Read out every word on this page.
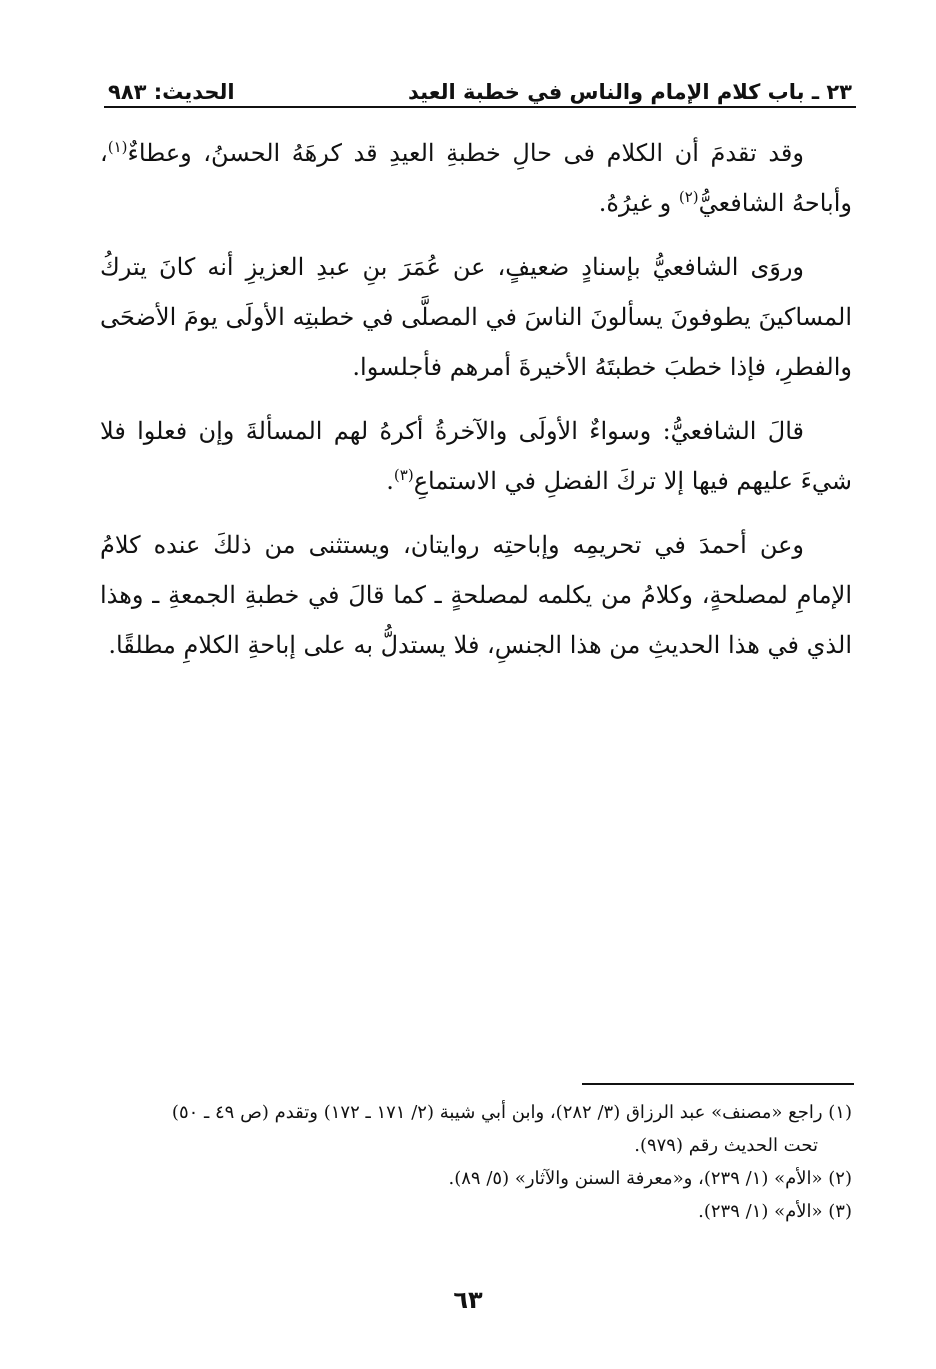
٢٣ ـ باب كلام الإمام والناس في خطبة العيد
الحديث: ٩٨٣

وقد تقدمَ أن الكلام فى حالِ خطبةِ العيدِ قد كرهَهُ الحسنُ، وعطاءٌ$^{(١)}$، وأباحهُ الشافعيُّ$^{(٢)}$ و غيرُهُ.

وروَى الشافعيُّ بإسنادٍ ضعيفٍ، عن عُمَرَ بنِ عبدِ العزيزِ أنه كانَ يتركُ المساكينَ يطوفونَ يسألونَ الناسَ في المصلَّى في خطبتِه الأولَى يومَ الأضحَى والفطرِ، فإذا خطبَ خطبتَهُ الأخيرةَ أمرهم فأجلسوا.

قالَ الشافعيُّ: وسواءٌ الأولَى والآخرةُ أكرهُ لهم المسألةَ وإن فعلوا فلا شيءَ عليهم فيها إلا تركَ الفضلِ في الاستماعِ$^{(٣)}$.

وعن أحمدَ في تحريمِه وإباحتِه روايتان، ويستثنى من ذلكَ عنده كلامُ الإمامِ لمصلحةٍ، وكلامُ من يكلمه لمصلحةٍ ـ كما قالَ في خطبةِ الجمعةِ ـ وهذا الذي في هذا الحديثِ من هذا الجنسِ، فلا يستدلُّ به على إباحةِ الكلامِ مطلقًا.

(١) راجع «مصنف» عبد الرزاق (٣/ ٢٨٢)، وابن أبي شيبة (٢/ ١٧١ ـ ١٧٢) وتقدم (ص ٤٩ ـ ٥٠)

تحت الحديث رقم (٩٧٩).

(٢) «الأم» (١/ ٢٣٩)، و«معرفة السنن والآثار» (٥/ ٨٩).

(٣) «الأم» (١/ ٢٣٩).

٦٣
